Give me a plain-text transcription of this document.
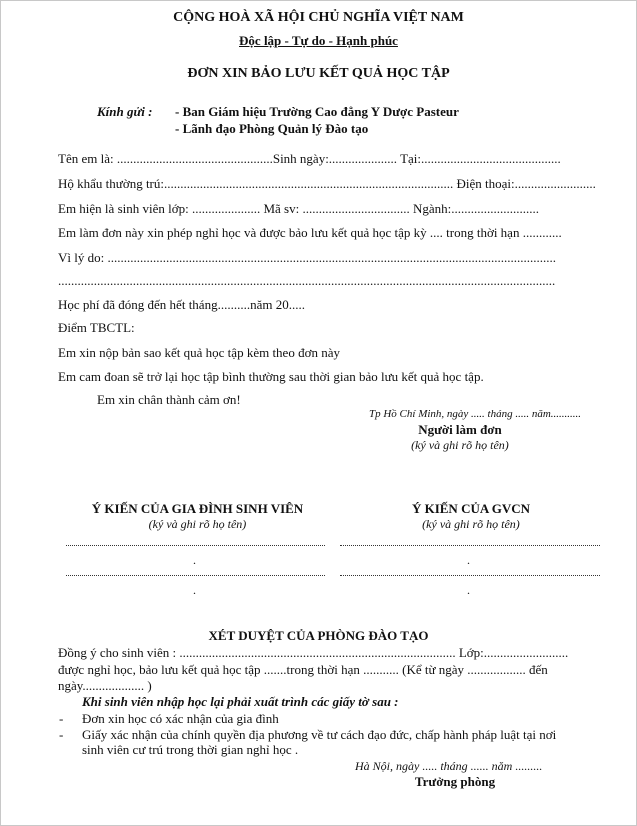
CỘNG HOÀ XÃ HỘI CHỦ NGHĨA VIỆT NAM
Độc lập - Tự do - Hạnh phúc
ĐƠN XIN BẢO LƯU KẾT QUẢ HỌC TẬP
Kính gửi : - Ban Giám hiệu Trường Cao đẳng Y Dược Pasteur
- Lãnh đạo Phòng Quản lý Đào tạo
Tên em là: ................................................Sinh ngày:..................... Tại:...........................................
Hộ khẩu thường trú:......................................................................................... Điện thoại:.........................
Em hiện là sinh viên lớp: ..................... Mã sv: ................................. Ngành:...........................
Em làm đơn này xin phép nghỉ học và được bảo lưu kết quả học tập kỳ .... trong thời hạn ............
Vì lý do: ..........................................................................................................................................
.........................................................................................................................................................
Học phí đã đóng đến hết tháng..........năm 20.....
Điểm TBCTL:
Em xin nộp bản sao kết quả học tập kèm theo đơn này
Em cam đoan sẽ trở lại học tập bình thường sau thời gian bảo lưu kết quả học tập.
Em xin chân thành cảm ơn!
Tp Hồ Chí Minh, ngày ..... tháng ..... năm...........
Người làm đơn
(ký và ghi rõ họ tên)
Ý KIẾN CỦA GIA ĐÌNH SINH VIÊN
(ký và ghi rõ họ tên)
Ý KIẾN CỦA GVCN
(ký và ghi rõ họ tên)
.
.
.
.
XÉT DUYỆT CỦA PHÒNG ĐÀO TẠO
Đồng ý cho sinh viên : ..................................................................................... Lớp:..........................
được nghỉ học, bảo lưu kết quả học tập .......trong thời hạn ........... (Kể từ ngày .................. đến
ngày................... )
Khi sinh viên nhập học lại phải xuất trình các giấy tờ sau :
- Đơn xin học có xác nhận của gia đình
- Giấy xác nhận của chính quyền địa phương về tư cách đạo đức, chấp hành pháp luật tại nơi
sinh viên cư trú trong thời gian nghỉ học .
Hà Nội, ngày ..... tháng ...... năm .........
Trưởng phòng
